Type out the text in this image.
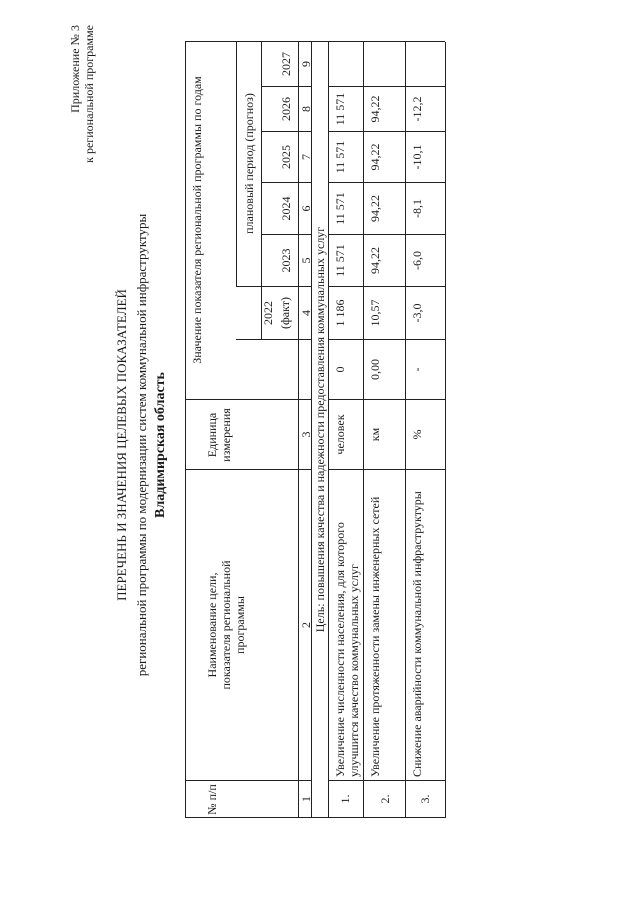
Приложение № 3 к региональной программе
ПЕРЕЧЕНЬ И ЗНАЧЕНИЯ ЦЕЛЕВЫХ ПОКАЗАТЕЛЕЙ региональной программы по модернизации систем коммунальной инфраструктуры Владимирская область
№ п/п
Наименование цели, показателя региональной программы
Единица измерения
Значение показателя региональной программы по годам	2022 (факт)
плановый период (прогноз)
2023
2024
2025
2026
2027
1
2
3
4
5
6
7
8
9
Цель: повышения качества и надежности предоставления коммунальных услуг
1.
Увеличение численности населения, для которого улучшится качество коммунальных услуг
человек
0
1 186
11 571
11 571
11 571
11 571
2.
Увеличение протяженности замены инженерных сетей
км
0,00
10,57
94,22
94,22
94,22
94,22
3.
Снижение аварийности коммунальной инфраструктуры
%
-
-3,0
-6,0
-8,1
-10,1
-12,2
